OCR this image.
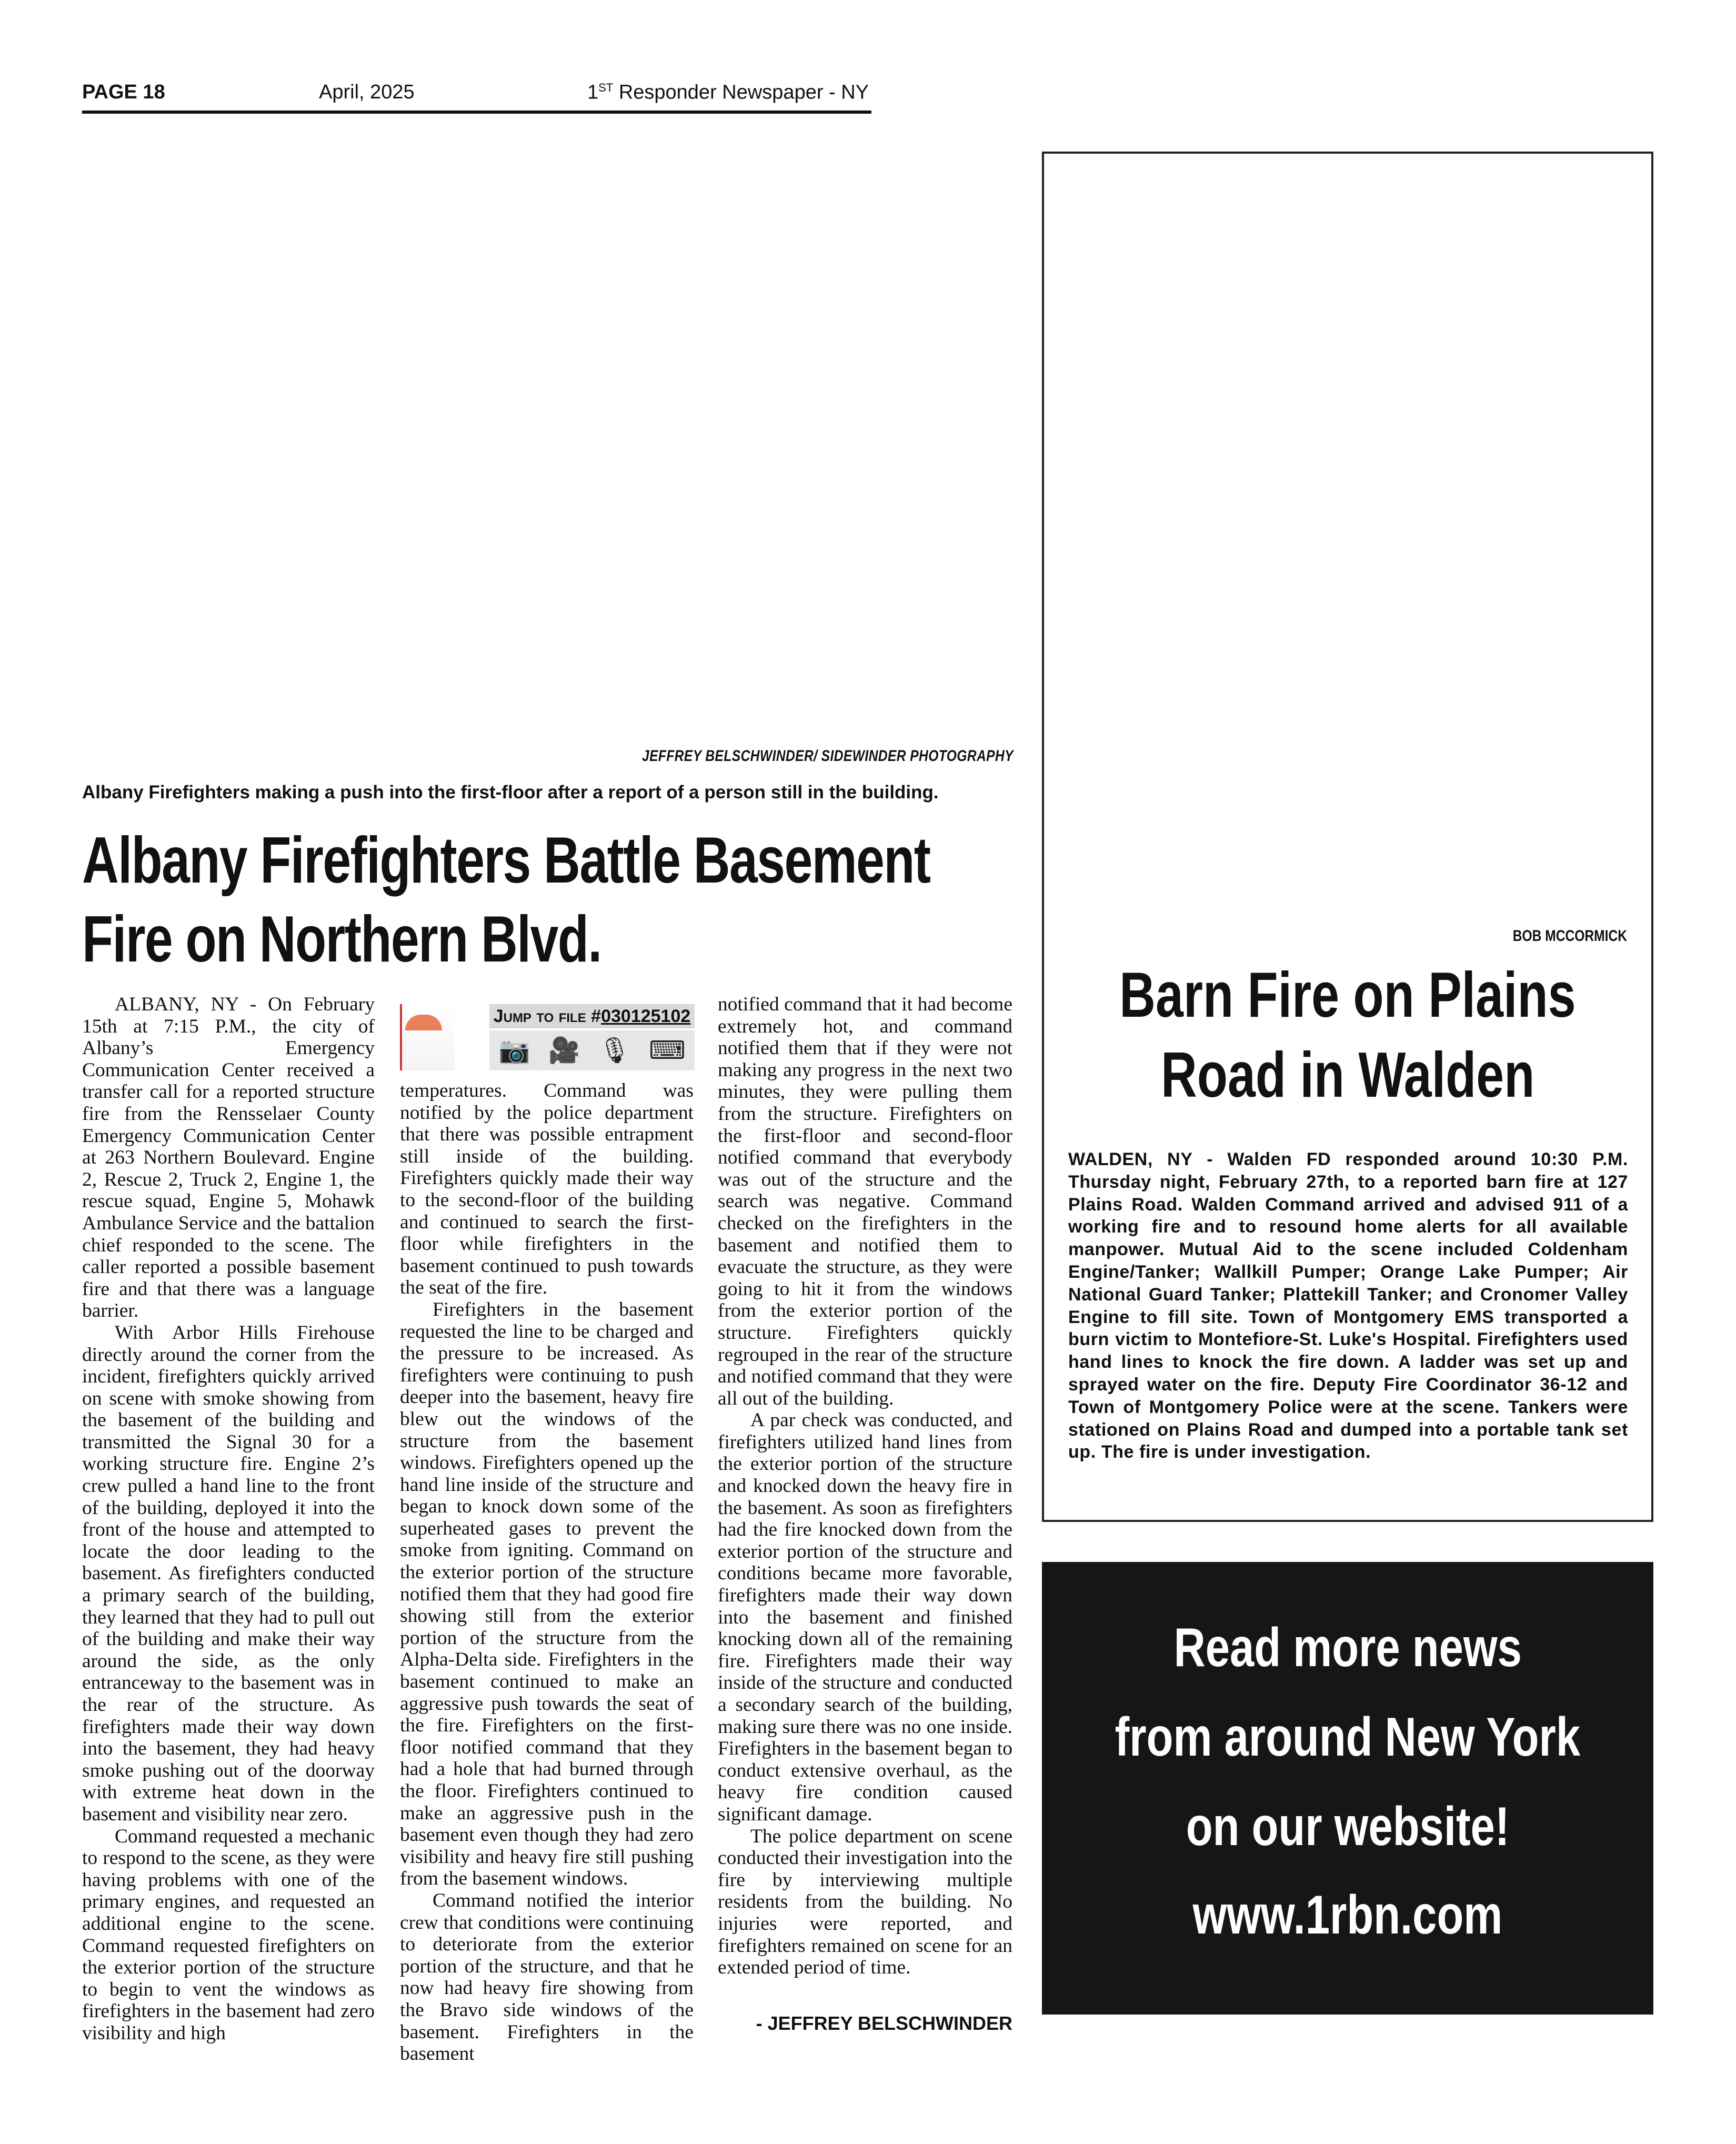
PAGE 18	April, 2025	1ST Responder Newspaper - NY
JEFFREY BELSCHWINDER/ SIDEWINDER PHOTOGRAPHY
Albany Firefighters making a push into the first-floor after a report of a person still in the building.
Albany Firefighters Battle Basement
Fire on Northern Blvd.

ALBANY, NY - On February 15th at 7:15 P.M., the city of Albany’s Emergency Communication Center received a transfer call for a reported structure fire from the Rensselaer County Emergency Communication Center at 263 Northern Boulevard. Engine 2, Rescue 2, Truck 2, Engine 1, the rescue squad, Engine 5, Mohawk Ambulance Service and the battalion chief responded to the scene. The caller reported a possible basement fire and that there was a language barrier.

With Arbor Hills Firehouse directly around the corner from the incident, firefighters quickly arrived on scene with smoke showing from the basement of the building and transmitted the Signal 30 for a working structure fire. Engine 2’s crew pulled a hand line to the front of the building, deployed it into the front of the house and attempted to locate the door leading to the basement. As firefighters conducted a primary search of the building, they learned that they had to pull out of the building and make their way around the side, as the only entranceway to the basement was in the rear of the structure. As firefighters made their way down into the basement, they had heavy smoke pushing out of the doorway with extreme heat down in the basement and visibility near zero.

Command requested a mechanic to respond to the scene, as they were having problems with one of the primary engines, and requested an additional engine to the scene. Command requested firefighters on the exterior portion of the structure to begin to vent the windows as firefighters in the basement had zero visibility and high

Jump to file #030125102
📷 🎥 🎙 ⌨

temperatures. Command was notified by the police department that there was possible entrapment still inside of the building. Firefighters quickly made their way to the second-floor of the building and continued to search the first-floor while firefighters in the basement continued to push towards the seat of the fire.

Firefighters in the basement requested the line to be charged and the pressure to be increased. As firefighters were continuing to push deeper into the basement, heavy fire blew out the windows of the structure from the basement windows. Firefighters opened up the hand line inside of the structure and began to knock down some of the superheated gases to prevent the smoke from igniting. Command on the exterior portion of the structure notified them that they had good fire showing still from the exterior portion of the structure from the Alpha-Delta side. Firefighters in the basement continued to make an aggressive push towards the seat of the fire. Firefighters on the first-floor notified command that they had a hole that had burned through the floor. Firefighters continued to make an aggressive push in the basement even though they had zero visibility and heavy fire still pushing from the basement windows.

Command notified the interior crew that conditions were continuing to deteriorate from the exterior portion of the structure, and that he now had heavy fire showing from the Bravo side windows of the basement. Firefighters in the basement

notified command that it had become extremely hot, and command notified them that if they were not making any progress in the next two minutes, they were pulling them from the structure. Firefighters on the first-floor and second-floor notified command that everybody was out of the structure and the search was negative. Command checked on the firefighters in the basement and notified them to evacuate the structure, as they were going to hit it from the windows from the exterior portion of the structure. Firefighters quickly regrouped in the rear of the structure and notified command that they were all out of the building.

A par check was conducted, and firefighters utilized hand lines from the exterior portion of the structure and knocked down the heavy fire in the basement. As soon as firefighters had the fire knocked down from the exterior portion of the structure and conditions became more favorable, firefighters made their way down into the basement and finished knocking down all of the remaining fire. Firefighters made their way inside of the structure and conducted a secondary search of the building, making sure there was no one inside. Firefighters in the basement began to conduct extensive overhaul, as the heavy fire condition caused significant damage.

The police department on scene conducted their investigation into the fire by interviewing multiple residents from the building. No injuries were reported, and firefighters remained on scene for an extended period of time.

- JEFFREY BELSCHWINDER
BOB MCCORMICK
Barn Fire on Plains
Road in Walden
WALDEN, NY - Walden FD responded around 10:30 P.M. Thursday night, February 27th, to a reported barn fire at 127 Plains Road. Walden Command arrived and advised 911 of a working fire and to resound home alerts for all available manpower. Mutual Aid to the scene included Coldenham Engine/Tanker; Wallkill Pumper; Orange Lake Pumper; Air National Guard Tanker; Plattekill Tanker; and Cronomer Valley Engine to fill site. Town of Montgomery EMS transported a burn victim to Montefiore-St. Luke's Hospital. Firefighters used hand lines to knock the fire down. A ladder was set up and sprayed water on the fire. Deputy Fire Coordinator 36-12 and Town of Montgomery Police were at the scene. Tankers were stationed on Plains Road and dumped into a portable tank set up. The fire is under investigation.
Read more news
from around New York
on our website!
www.1rbn.com
